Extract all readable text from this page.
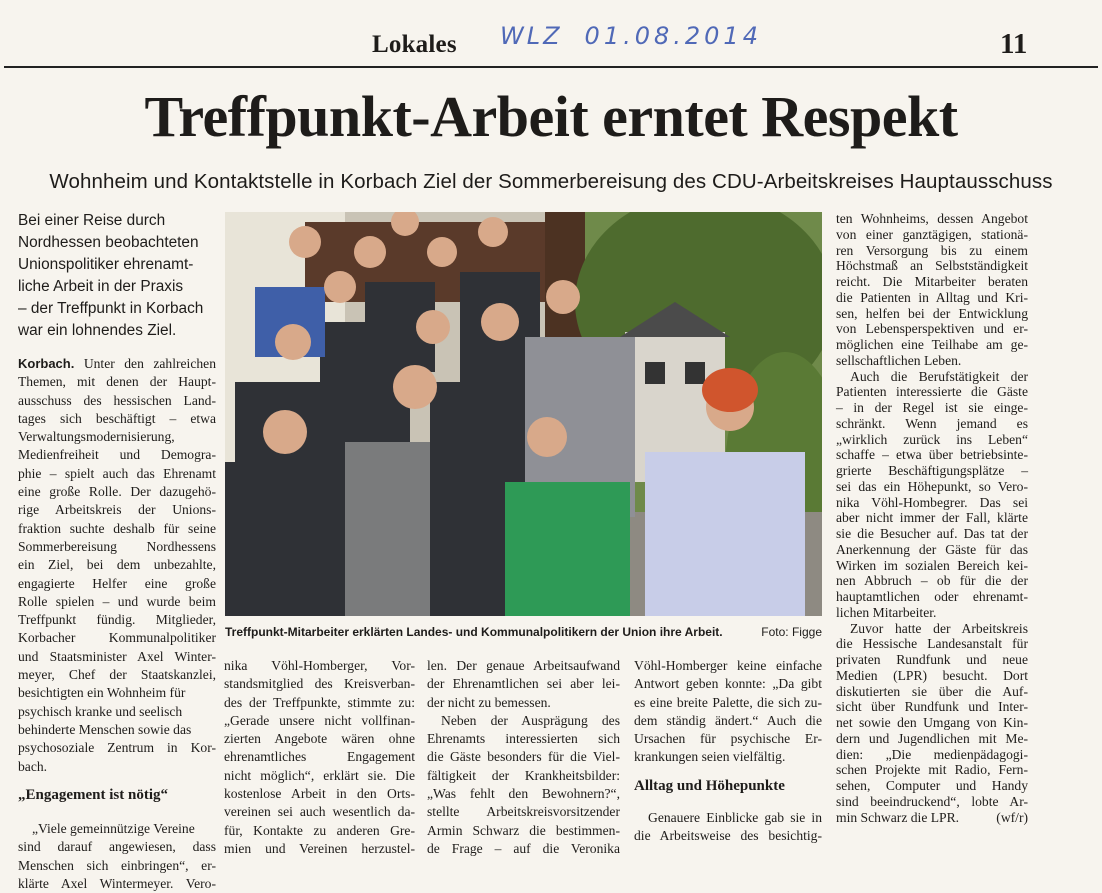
Lokales WLZ 01.08.2014	11
Treffpunkt-Arbeit erntet Respekt
Wohnheim und Kontaktstelle in Korbach Ziel der Sommerbereisung des CDU-Arbeitskreises Hauptausschuss
Bei einer Reise durch
Nordhessen beobachteten
Unionspolitiker ehrenamt-
liche Arbeit in der Praxis
– der Treffpunkt in Korbach
war ein lohnendes Ziel.
Korbach. Unter den zahlreichen
Themen, mit denen der Haupt-
ausschuss des hessischen Land-
tages sich beschäftigt – etwa
Verwaltungsmodernisierung,
Medienfreiheit und Demogra-
phie – spielt auch das Ehrenamt
eine große Rolle. Der dazugehö-
rige Arbeitskreis der Unions-
fraktion suchte deshalb für seine
Sommerbereisung Nordhessens
ein Ziel, bei dem unbezahlte,
engagierte Helfer eine große
Rolle spielen – und wurde beim
Treffpunkt fündig. Mitglieder,
Korbacher Kommunalpolitiker
und Staatsminister Axel Winter-
meyer, Chef der Staatskanzlei,
besichtigten ein Wohnheim für
psychisch kranke und seelisch
behinderte Menschen sowie das
psychosoziale Zentrum in Kor-
bach.
„Engagement ist nötig“
„Viele gemeinnützige Vereine
sind darauf angewiesen, dass
Menschen sich einbringen“, er-
klärte Axel Wintermeyer. Vero-
Treffpunkt-Mitarbeiter erklärten Landes- und Kommunalpolitikern der Union ihre Arbeit.	Foto: Figge
nika Vöhl-Homberger, Vor-
standsmitglied des Kreisverban-
des der Treffpunkte, stimmte zu:
„Gerade unsere nicht vollfinan-
zierten Angebote wären ohne
ehrenamtliches Engagement
nicht möglich“, erklärt sie. Die
kostenlose Arbeit in den Orts-
vereinen sei auch wesentlich da-
für, Kontakte zu anderen Gre-
mien und Vereinen herzustel-
len. Der genaue Arbeitsaufwand
der Ehrenamtlichen sei aber lei-
der nicht zu bemessen.
Neben der Ausprägung des
Ehrenamts interessierten sich
die Gäste besonders für die Viel-
fältigkeit der Krankheitsbilder:
„Was fehlt den Bewohnern?“,
stellte Arbeitskreisvorsitzender
Armin Schwarz die bestimmen-
de Frage – auf die Veronika
Vöhl-Homberger keine einfache
Antwort geben konnte: „Da gibt
es eine breite Palette, die sich zu-
dem ständig ändert.“ Auch die
Ursachen für psychische Er-
krankungen seien vielfältig.
Alltag und Höhepunkte
Genauere Einblicke gab sie in
die Arbeitsweise des besichtig-
ten Wohnheims, dessen Angebot
von einer ganztägigen, stationä-
ren Versorgung bis zu einem
Höchstmaß an Selbstständigkeit
reicht. Die Mitarbeiter beraten
die Patienten in Alltag und Kri-
sen, helfen bei der Entwicklung
von Lebensperspektiven und er-
möglichen eine Teilhabe am ge-
sellschaftlichen Leben.
Auch die Berufstätigkeit der
Patienten interessierte die Gäste
– in der Regel ist sie einge-
schränkt. Wenn jemand es
„wirklich zurück ins Leben“
schaffe – etwa über betriebsinte-
grierte Beschäftigungsplätze –
sei das ein Höhepunkt, so Vero-
nika Vöhl-Hombegrer. Das sei
aber nicht immer der Fall, klärte
sie die Besucher auf. Das tat der
Anerkennung der Gäste für das
Wirken im sozialen Bereich kei-
nen Abbruch – ob für die der
hauptamtlichen oder ehrenamt-
lichen Mitarbeiter.
Zuvor hatte der Arbeitskreis
die Hessische Landesanstalt für
privaten Rundfunk und neue
Medien (LPR) besucht. Dort
diskutierten sie über die Auf-
sicht über Rundfunk und Inter-
net sowie den Umgang von Kin-
dern und Jugendlichen mit Me-
dien: „Die medienpädagogi-
schen Projekte mit Radio, Fern-
sehen, Computer und Handy
sind beeindruckend“, lobte Ar-
min Schwarz die LPR.	(wf/r)
